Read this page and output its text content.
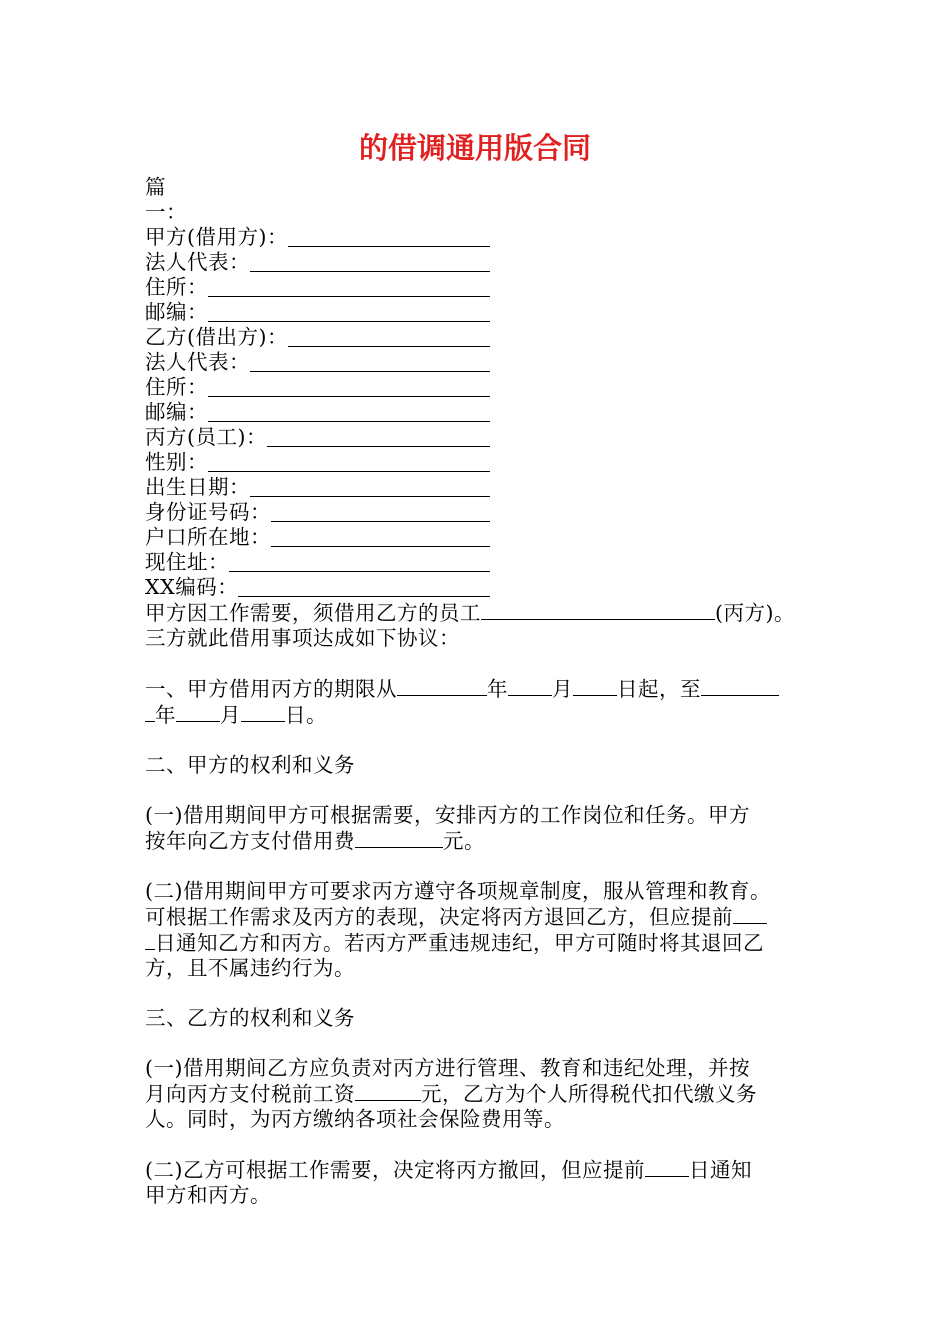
的借调通用版合同
篇
一：
甲方(借用方)：
法人代表：
住所：
邮编：
乙方(借出方)：
法人代表：
住所：
邮编：
丙方(员工)：
性别：
出生日期：
身份证号码：
户口所在地：
现住址：
XX编码：
甲方因工作需要，须借用乙方的员工	(丙方)。
三方就此借用事项达成如下协议：
一、甲方借用丙方的期限从	年 月 日起，至
年 月 日。
二、甲方的权利和义务
(一)借用期间甲方可根据需要，安排丙方的工作岗位和任务。甲方
按年向乙方支付借用费	元。
(二)借用期间甲方可要求丙方遵守各项规章制度，服从管理和教育。
可根据工作需求及丙方的表现，决定将丙方退回乙方，但应提前
日通知乙方和丙方。若丙方严重违规违纪，甲方可随时将其退回乙
方，且不属违约行为。
三、乙方的权利和义务
(一)借用期间乙方应负责对丙方进行管理、教育和违纪处理，并按
月向丙方支付税前工资	元，乙方为个人所得税代扣代缴义务
人。同时，为丙方缴纳各项社会保险费用等。
(二)乙方可根据工作需要，决定将丙方撤回，但应提前 日通知
甲方和丙方。
